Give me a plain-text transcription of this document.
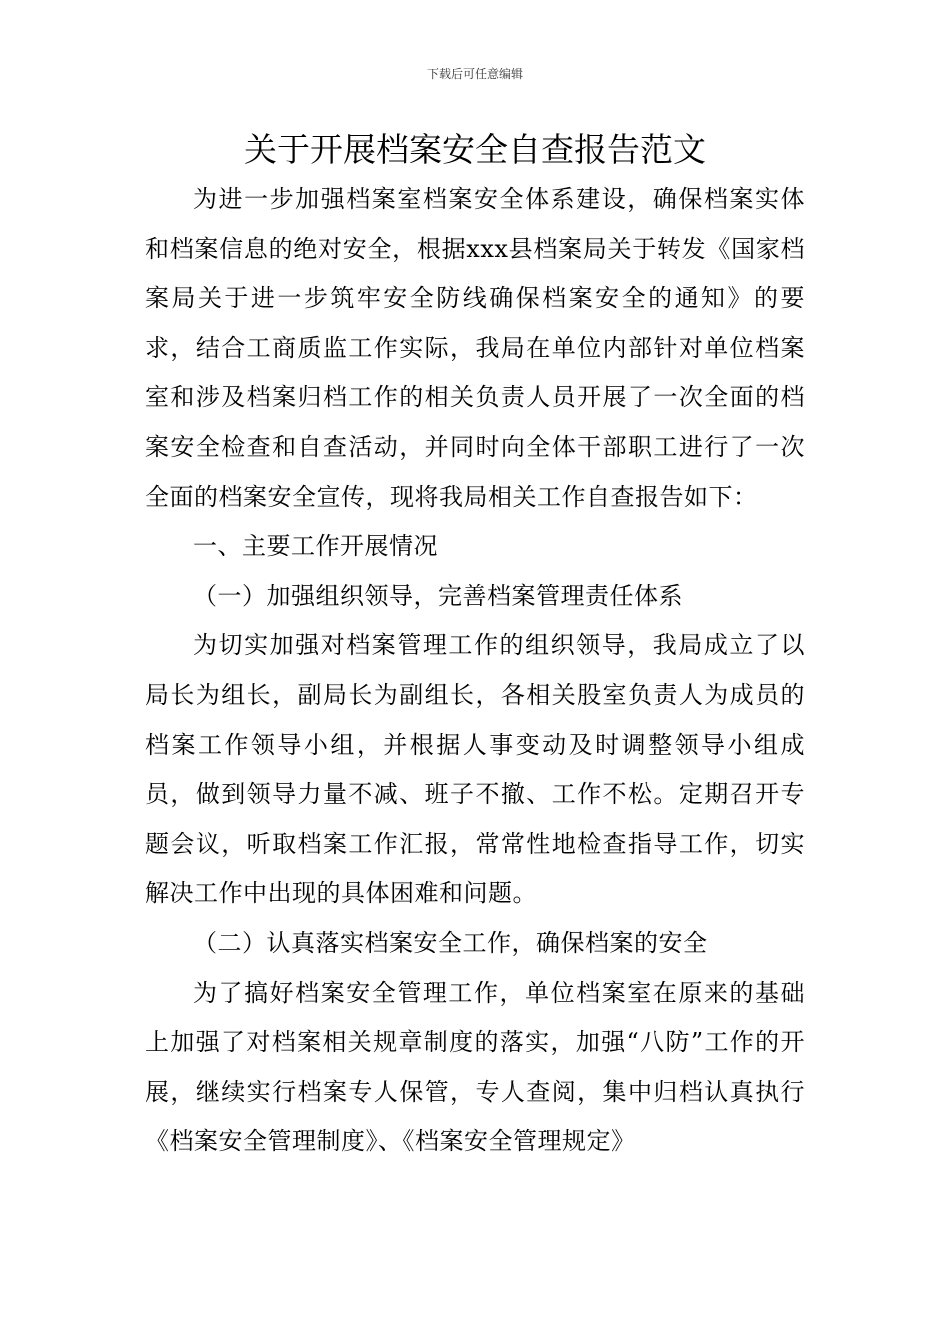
下载后可任意编辑
关于开展档案安全自查报告范文

为进一步加强档案室档案安全体系建设，确保档案实体和档案信息的绝对安全，根据xxx县档案局关于转发《国家档案局关于进一步筑牢安全防线确保档案安全的通知》的要求，结合工商质监工作实际，我局在单位内部针对单位档案室和涉及档案归档工作的相关负责人员开展了一次全面的档案安全检查和自查活动，并同时向全体干部职工进行了一次全面的档案安全宣传，现将我局相关工作自查报告如下：

一、主要工作开展情况

（一）加强组织领导，完善档案管理责任体系

为切实加强对档案管理工作的组织领导，我局成立了以局长为组长，副局长为副组长，各相关股室负责人为成员的档案工作领导小组，并根据人事变动及时调整领导小组成员，做到领导力量不减、班子不撤、工作不松。定期召开专题会议，听取档案工作汇报，常常性地检查指导工作，切实解决工作中出现的具体困难和问题。

（二）认真落实档案安全工作，确保档案的安全

为了搞好档案安全管理工作，单位档案室在原来的基础上加强了对档案相关规章制度的落实，加强“八防”工作的开展，继续实行档案专人保管，专人查阅，集中归档认真执行《档案安全管理制度》、《档案安全管理规定》
